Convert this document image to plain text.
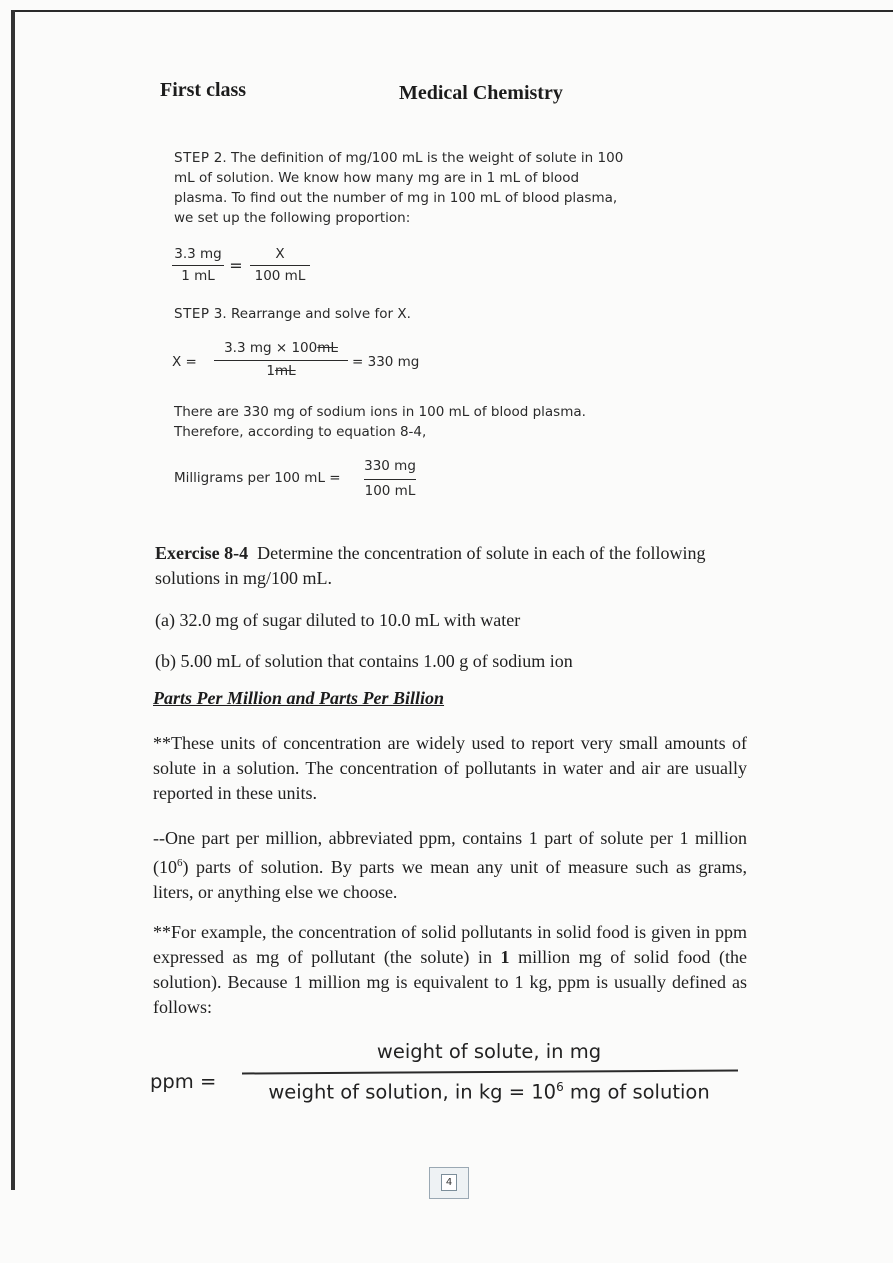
First class	Medical Chemistry

STEP 2. The definition of mg/100 mL is the weight of solute in 100 mL of solution. We know how many mg are in 1 mL of blood plasma. To find out the number of mg in 100 mL of blood plasma, we set up the following proportion:

3.3 mg
1 mL
=
X
100 mL

STEP 3. Rearrange and solve for X.

X =
3.3 mg × 100mL
1mL
= 330 mg

There are 330 mg of sodium ions in 100 mL of blood plasma. Therefore, according to equation 8-4,

Milligrams per 100 mL =
330 mg
100 mL

Exercise 8-4 Determine the concentration of solute in each of the following solutions in mg/100 mL.

(a) 32.0 mg of sugar diluted to 10.0 mL with water

(b) 5.00 mL of solution that contains 1.00 g of sodium ion

Parts Per Million and Parts Per Billion

**These units of concentration are widely used to report very small amounts of solute in a solution. The concentration of pollutants in water and air are usually reported in these units.

--One part per million, abbreviated ppm, contains 1 part of solute per 1 million $(10^6)$ parts of solution. By parts we mean any unit of measure such as grams, liters, or anything else we choose.

**For example, the concentration of solid pollutants in solid food is given in ppm expressed as mg of pollutant (the solute) in 1 million mg of solid food (the solution). Because 1 million mg is equivalent to 1 kg, ppm is usually defined as follows:

ppm =
weight of solute, in mg
weight of solution, in kg = $10^6$ mg of solution
4
